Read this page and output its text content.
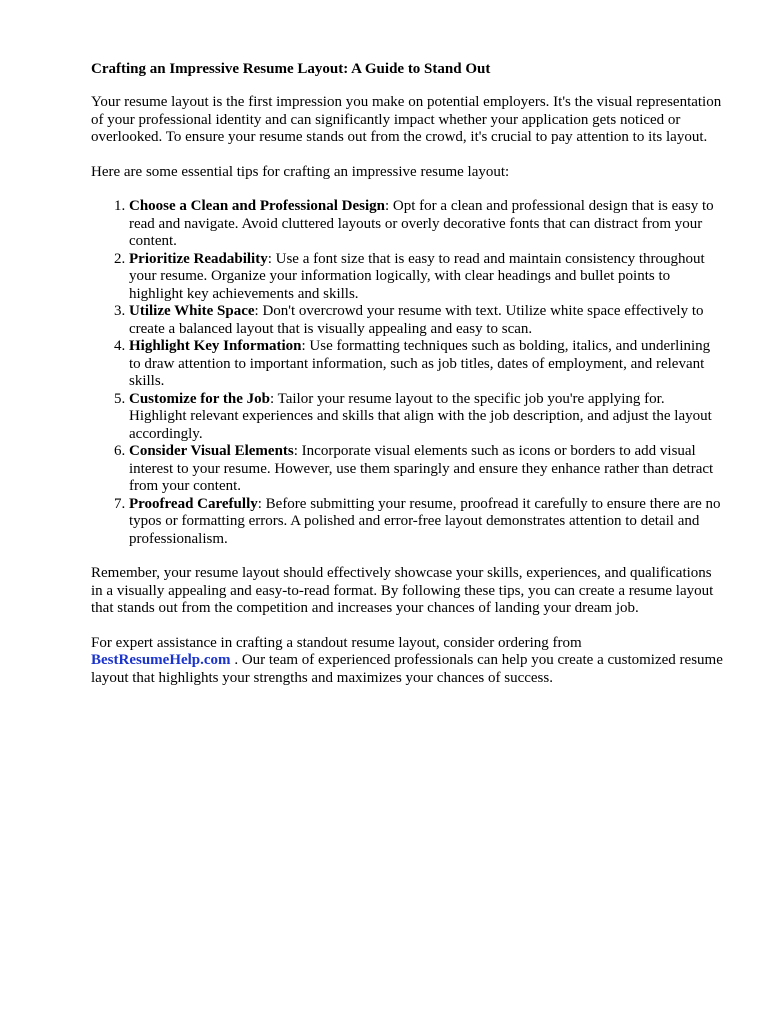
Crafting an Impressive Resume Layout: A Guide to Stand Out

Your resume layout is the first impression you make on potential employers. It's the visual representation of your professional identity and can significantly impact whether your application gets noticed or overlooked. To ensure your resume stands out from the crowd, it's crucial to pay attention to its layout.

Here are some essential tips for crafting an impressive resume layout:

1. Choose a Clean and Professional Design: Opt for a clean and professional design that is easy to read and navigate. Avoid cluttered layouts or overly decorative fonts that can distract from your content.
2. Prioritize Readability: Use a font size that is easy to read and maintain consistency throughout your resume. Organize your information logically, with clear headings and bullet points to highlight key achievements and skills.
3. Utilize White Space: Don't overcrowd your resume with text. Utilize white space effectively to create a balanced layout that is visually appealing and easy to scan.
4. Highlight Key Information: Use formatting techniques such as bolding, italics, and underlining to draw attention to important information, such as job titles, dates of employment, and relevant skills.
5. Customize for the Job: Tailor your resume layout to the specific job you're applying for. Highlight relevant experiences and skills that align with the job description, and adjust the layout accordingly.
6. Consider Visual Elements: Incorporate visual elements such as icons or borders to add visual interest to your resume. However, use them sparingly and ensure they enhance rather than detract from your content.
7. Proofread Carefully: Before submitting your resume, proofread it carefully to ensure there are no typos or formatting errors. A polished and error-free layout demonstrates attention to detail and professionalism.

Remember, your resume layout should effectively showcase your skills, experiences, and qualifications in a visually appealing and easy-to-read format. By following these tips, you can create a resume layout that stands out from the competition and increases your chances of landing your dream job.

For expert assistance in crafting a standout resume layout, consider ordering from BestResumeHelp.com . Our team of experienced professionals can help you create a customized resume layout that highlights your strengths and maximizes your chances of success.
